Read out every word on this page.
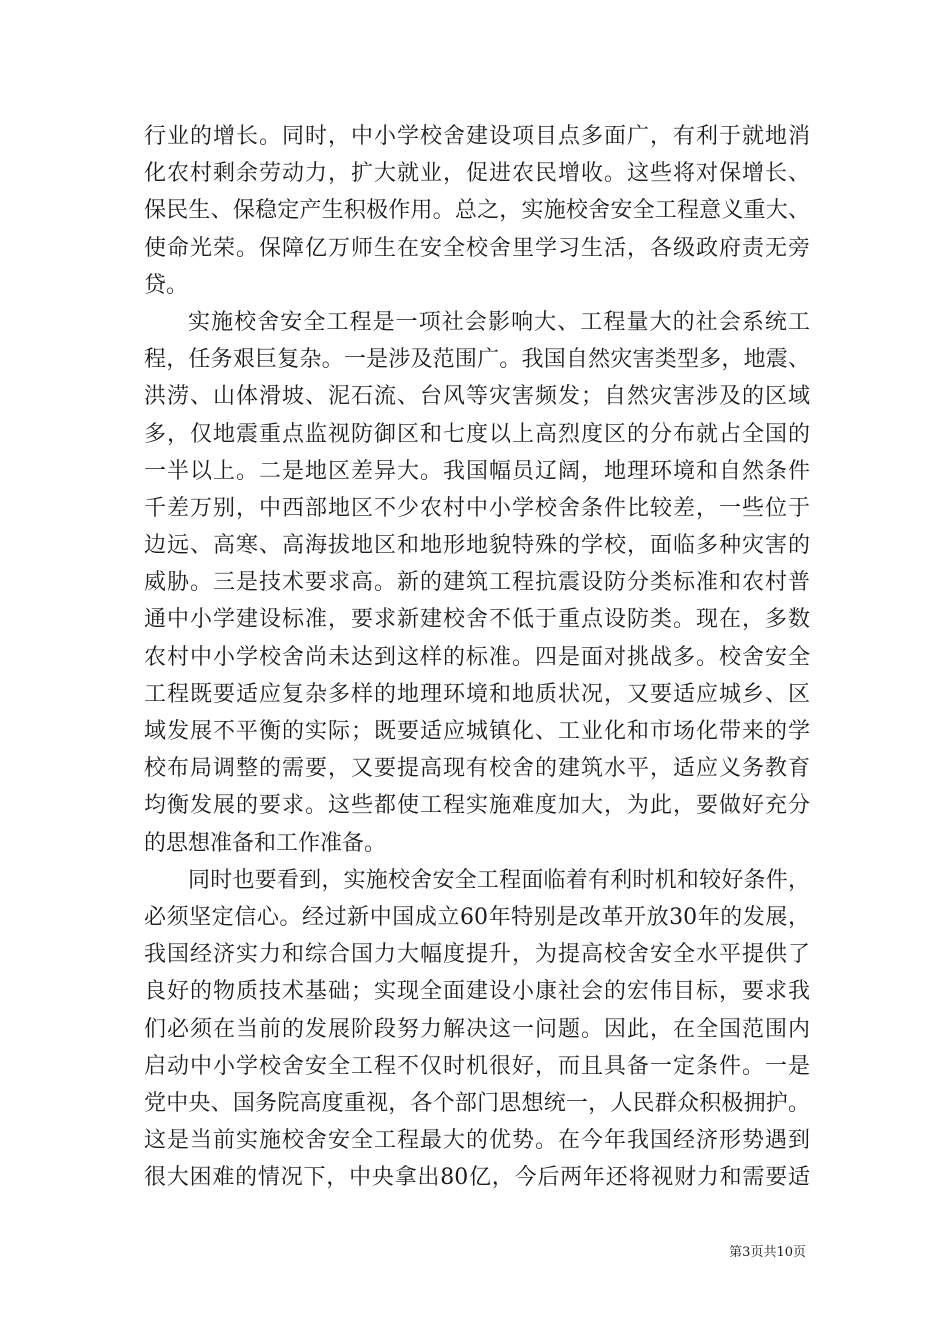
行业的增长。同时，中小学校舍建设项目点多面广，有利于就地消
化农村剩余劳动力，扩大就业，促进农民增收。这些将对保增长、
保民生、保稳定产生积极作用。总之，实施校舍安全工程意义重大、
使命光荣。保障亿万师生在安全校舍里学习生活，各级政府责无旁
贷。
实施校舍安全工程是一项社会影响大、工程量大的社会系统工
程，任务艰巨复杂。一是涉及范围广。我国自然灾害类型多，地震、
洪涝、山体滑坡、泥石流、台风等灾害频发；自然灾害涉及的区域
多，仅地震重点监视防御区和七度以上高烈度区的分布就占全国的
一半以上。二是地区差异大。我国幅员辽阔，地理环境和自然条件
千差万别，中西部地区不少农村中小学校舍条件比较差，一些位于
边远、高寒、高海拔地区和地形地貌特殊的学校，面临多种灾害的
威胁。三是技术要求高。新的建筑工程抗震设防分类标准和农村普
通中小学建设标准，要求新建校舍不低于重点设防类。现在，多数
农村中小学校舍尚未达到这样的标准。四是面对挑战多。校舍安全
工程既要适应复杂多样的地理环境和地质状况，又要适应城乡、区
域发展不平衡的实际；既要适应城镇化、工业化和市场化带来的学
校布局调整的需要，又要提高现有校舍的建筑水平，适应义务教育
均衡发展的要求。这些都使工程实施难度加大，为此，要做好充分
的思想准备和工作准备。
同时也要看到，实施校舍安全工程面临着有利时机和较好条件，
必须坚定信心。经过新中国成立60年特别是改革开放30年的发展，
我国经济实力和综合国力大幅度提升，为提高校舍安全水平提供了
良好的物质技术基础；实现全面建设小康社会的宏伟目标，要求我
们必须在当前的发展阶段努力解决这一问题。因此，在全国范围内
启动中小学校舍安全工程不仅时机很好，而且具备一定条件。一是
党中央、国务院高度重视，各个部门思想统一，人民群众积极拥护。
这是当前实施校舍安全工程最大的优势。在今年我国经济形势遇到
很大困难的情况下，中央拿出80亿，今后两年还将视财力和需要适
第3页共10页
